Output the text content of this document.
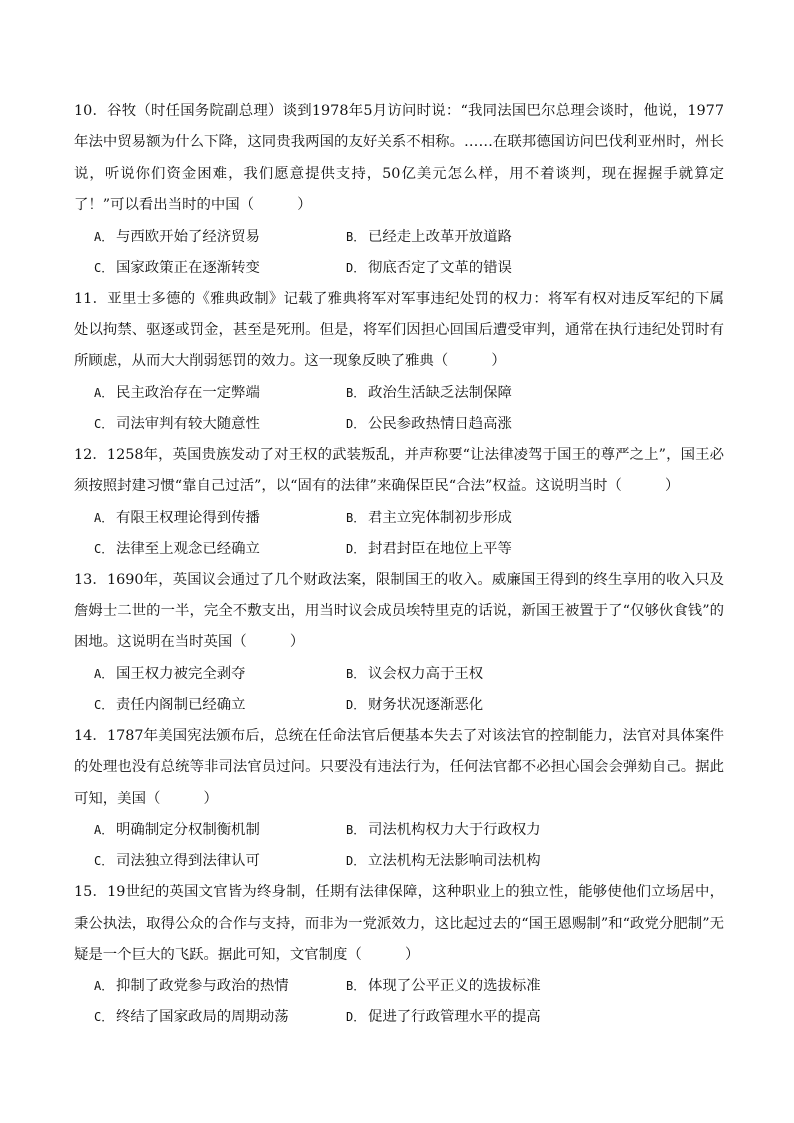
10．谷牧（时任国务院副总理）谈到1978年5月访问时说：“我同法国巴尔总理会谈时，他说，1977年法中贸易额为什么下降，这同贵我两国的友好关系不相称。……在联邦德国访问巴伐利亚州时，州长说，听说你们资金困难，我们愿意提供支持，50亿美元怎么样，用不着谈判，现在握握手就算定了！”可以看出当时的中国（　　　）

A． 与西欧开始了经济贸易	B． 已经走上改革开放道路
C． 国家政策正在逐渐转变	D． 彻底否定了文革的错误

11．亚里士多德的《雅典政制》记载了雅典将军对军事违纪处罚的权力：将军有权对违反军纪的下属处以拘禁、驱逐或罚金，甚至是死刑。但是，将军们因担心回国后遭受审判，通常在执行违纪处罚时有所顾虑，从而大大削弱惩罚的效力。这一现象反映了雅典（　　　）

A． 民主政治存在一定弊端	B． 政治生活缺乏法制保障
C． 司法审判有较大随意性	D． 公民参政热情日趋高涨

12．1258年，英国贵族发动了对王权的武装叛乱，并声称要“让法律凌驾于国王的尊严之上”，国王必须按照封建习惯“靠自己过活”，以“固有的法律”来确保臣民“合法”权益。这说明当时（　　　）

A． 有限王权理论得到传播	B． 君主立宪体制初步形成
C． 法律至上观念已经确立	D． 封君封臣在地位上平等

13．1690年，英国议会通过了几个财政法案，限制国王的收入。威廉国王得到的终生享用的收入只及詹姆士二世的一半，完全不敷支出，用当时议会成员埃特里克的话说，新国王被置于了“仅够伙食钱”的困地。这说明在当时英国（　　　）

A． 国王权力被完全剥夺	B． 议会权力高于王权
C． 责任内阁制已经确立	D． 财务状况逐渐恶化

14．1787年美国宪法颁布后，总统在任命法官后便基本失去了对该法官的控制能力，法官对具体案件的处理也没有总统等非司法官员过问。只要没有违法行为，任何法官都不必担心国会会弹劾自己。据此可知，美国（　　　）

A． 明确制定分权制衡机制	B． 司法机构权力大于行政权力
C． 司法独立得到法律认可	D． 立法机构无法影响司法机构

15．19世纪的英国文官皆为终身制，任期有法律保障，这种职业上的独立性，能够使他们立场居中，秉公执法，取得公众的合作与支持，而非为一党派效力，这比起过去的“国王恩赐制”和“政党分肥制”无疑是一个巨大的飞跃。据此可知，文官制度（　　　）

A． 抑制了政党参与政治的热情	B． 体现了公平正义的选拔标准
C． 终结了国家政局的周期动荡	D． 促进了行政管理水平的提高
